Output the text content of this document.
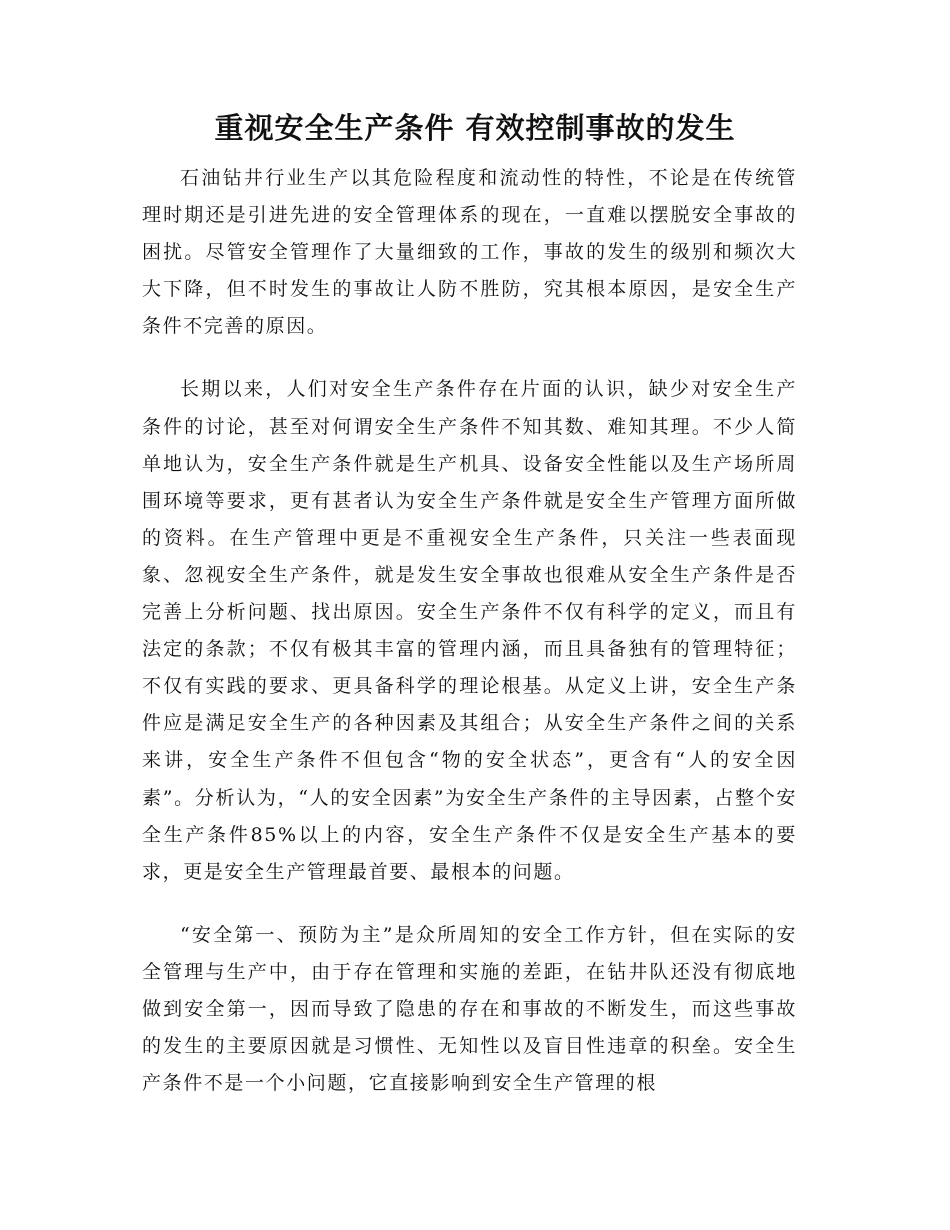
重视安全生产条件 有效控制事故的发生

石油钻井行业生产以其危险程度和流动性的特性，不论是在传统管理时期还是引进先进的安全管理体系的现在，一直难以摆脱安全事故的困扰。尽管安全管理作了大量细致的工作，事故的发生的级别和频次大大下降，但不时发生的事故让人防不胜防，究其根本原因，是安全生产条件不完善的原因。

长期以来，人们对安全生产条件存在片面的认识，缺少对安全生产条件的讨论，甚至对何谓安全生产条件不知其数、难知其理。不少人简单地认为，安全生产条件就是生产机具、设备安全性能以及生产场所周围环境等要求，更有甚者认为安全生产条件就是安全生产管理方面所做的资料。在生产管理中更是不重视安全生产条件，只关注一些表面现象、忽视安全生产条件，就是发生安全事故也很难从安全生产条件是否完善上分析问题、找出原因。安全生产条件不仅有科学的定义，而且有法定的条款；不仅有极其丰富的管理内涵，而且具备独有的管理特征；不仅有实践的要求、更具备科学的理论根基。从定义上讲，安全生产条件应是满足安全生产的各种因素及其组合；从安全生产条件之间的关系来讲，安全生产条件不但包含“物的安全状态”，更含有“人的安全因素”。分析认为，“人的安全因素”为安全生产条件的主导因素，占整个安全生产条件85%以上的内容，安全生产条件不仅是安全生产基本的要求，更是安全生产管理最首要、最根本的问题。

“安全第一、预防为主”是众所周知的安全工作方针，但在实际的安全管理与生产中，由于存在管理和实施的差距，在钻井队还没有彻底地做到安全第一，因而导致了隐患的存在和事故的不断发生，而这些事故的发生的主要原因就是习惯性、无知性以及盲目性违章的积垒。安全生产条件不是一个小问题，它直接影响到安全生产管理的根
